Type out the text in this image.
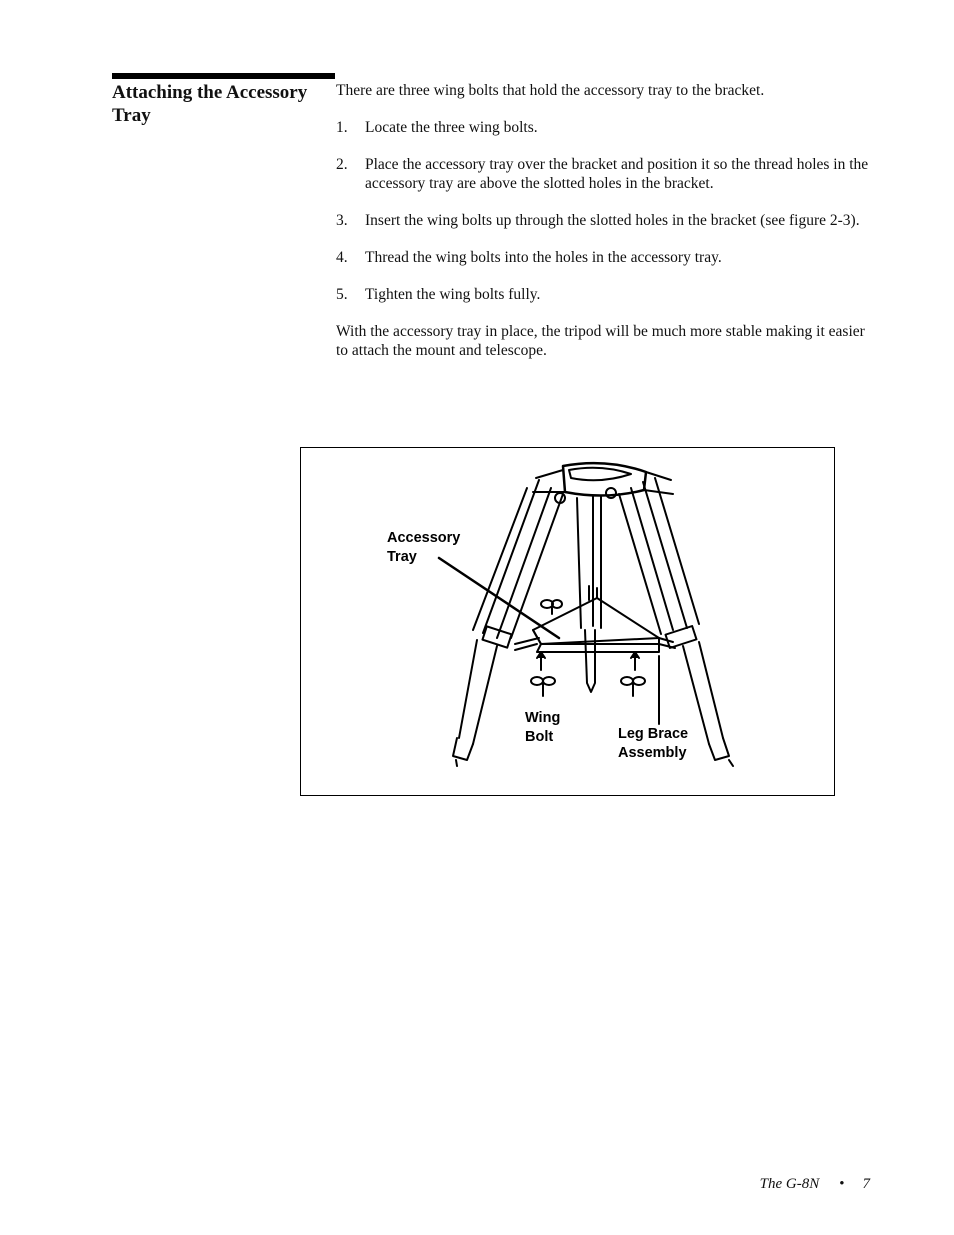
Attaching the Accessory Tray

There are three wing bolts that hold the accessory tray to the bracket.

1. Locate the three wing bolts.
2. Place the accessory tray over the bracket and position it so the thread holes in the accessory tray are above the slotted holes in the bracket.
3. Insert the wing bolts up through the slotted holes in the bracket (see figure 2-3).
4. Thread the wing bolts into the holes in the accessory tray.
5. Tighten the wing bolts fully.

With the accessory tray in place, the tripod will be much more stable making it easier to attach the mount and telescope.

Accessory
Tray
Wing
Bolt	Leg Brace
Assembly
The G-8N • 7
